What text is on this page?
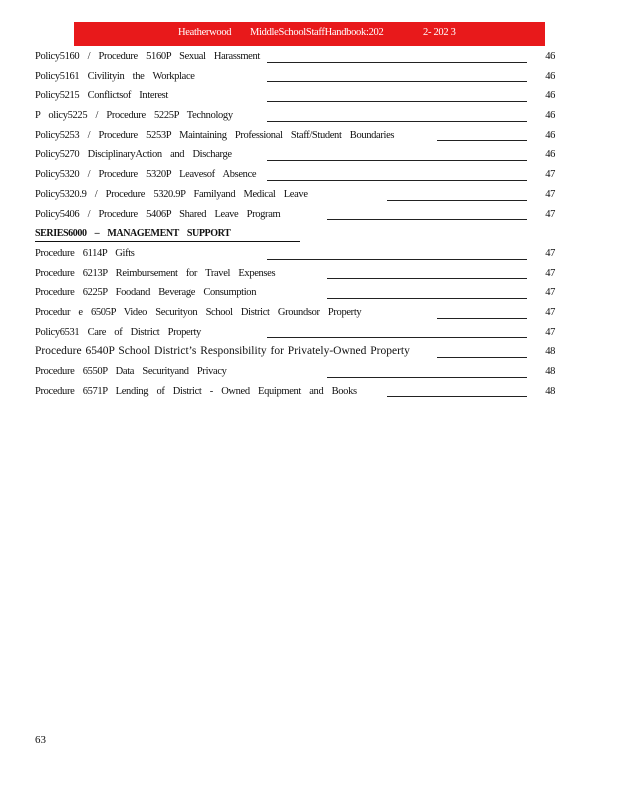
Heatherwood MiddleSchoolStaffHandbook:202	2- 202 3
Policy5160 / Procedure 5160P Sexual Harassment	46
Policy5161 Civilityin the Workplace	46
Policy5215 Conflictsof Interest	46
P olicy5225 / Procedure 5225P Technology	46
Policy5253 / Procedure 5253P Maintaining Professional Staff/Student Boundaries	46
Policy5270 DisciplinaryAction and Discharge	46
Policy5320 / Procedure 5320P Leavesof Absence	47
Policy5320.9 / Procedure 5320.9P Familyand Medical Leave	47
Policy5406 / Procedure 5406P Shared Leave Program	47
SERIES6000 – MANAGEMENT SUPPORT
Procedure 6114P Gifts	47
Procedure 6213P Reimbursement for Travel Expenses	47
Procedure 6225P Foodand Beverage Consumption	47
Procedur e 6505P Video Securityon School District Groundsor Property	47
Policy6531 Care of District Property	47
Procedure 6540P School District’s Responsibility for Privately-Owned Property	48
Procedure 6550P Data Securityand Privacy	48
Procedure 6571P Lending of District - Owned Equipment and Books	48
63
